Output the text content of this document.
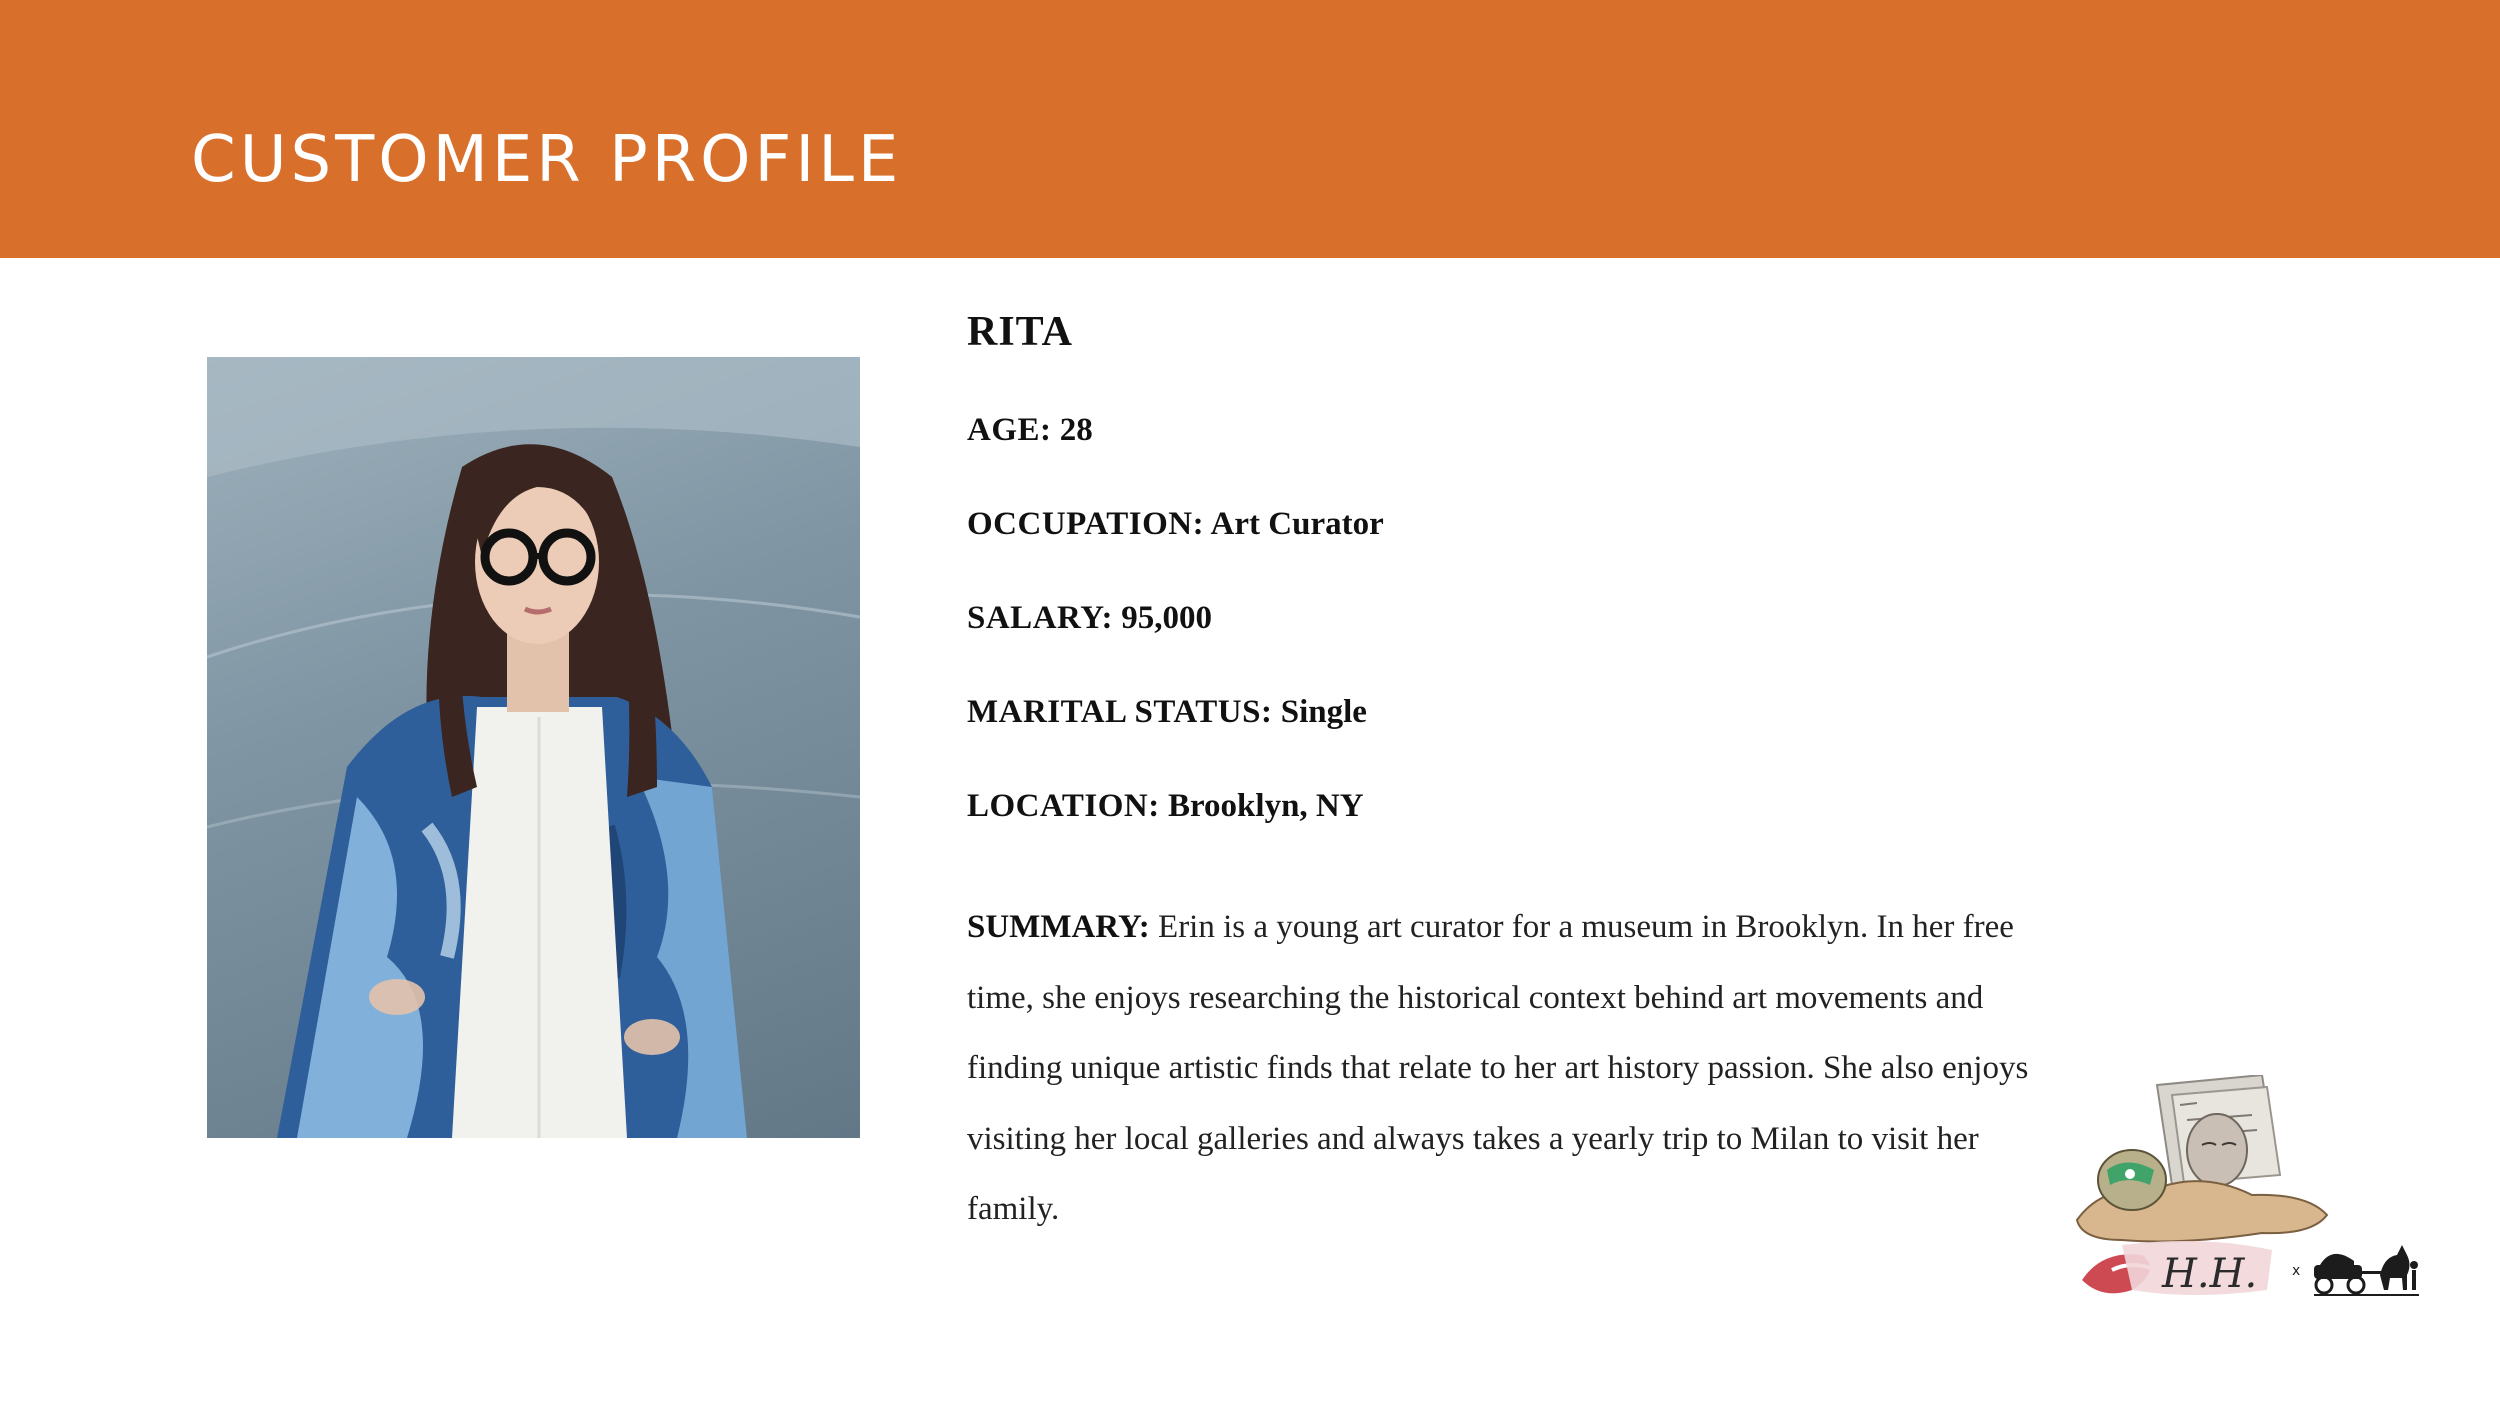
CUSTOMER PROFILE
RITA

AGE: 28

OCCUPATION: Art Curator

SALARY: 95,000

MARITAL STATUS: Single

LOCATION: Brooklyn, NY

SUMMARY: Erin is a young art curator for a museum in Brooklyn. In her free time, she enjoys researching the historical context behind art movements and finding unique artistic finds that relate to her art history passion. She also enjoys visiting her local galleries and always takes a yearly trip to Milan to visit her family.

H.H. x
